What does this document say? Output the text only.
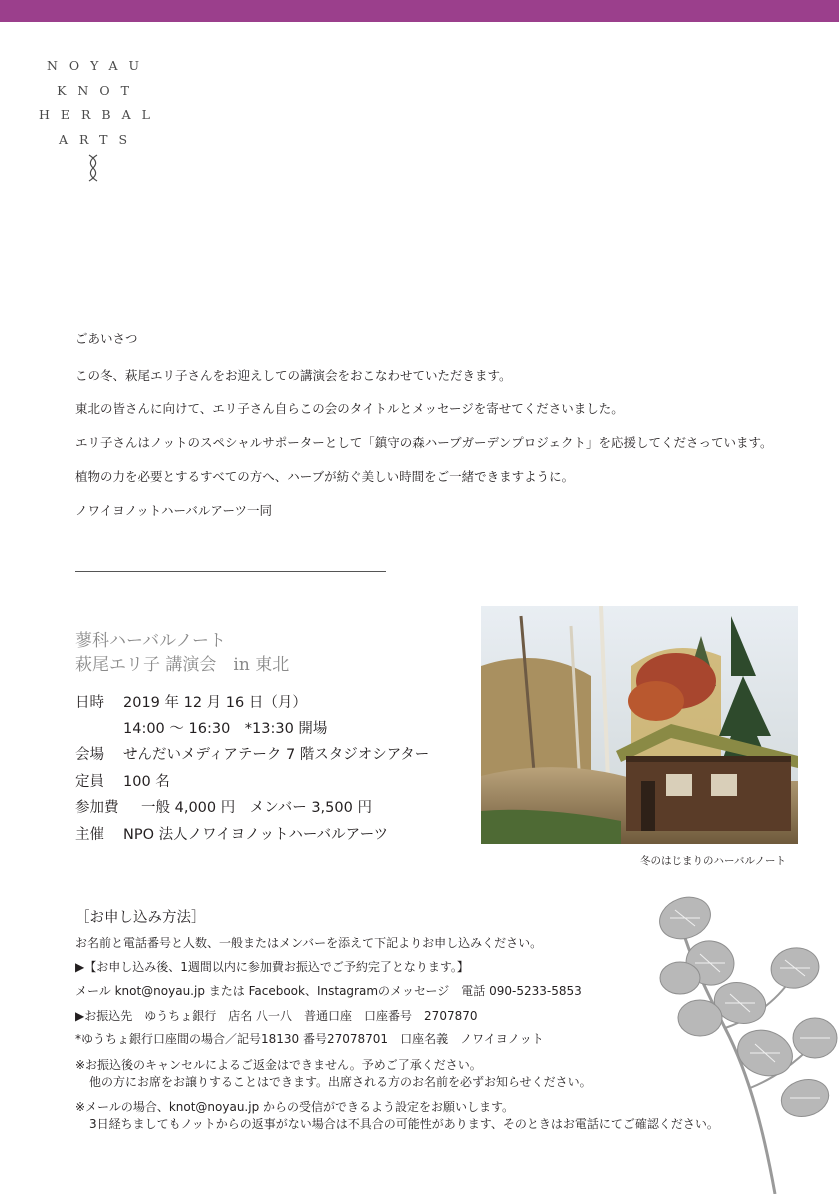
NOYAU
KNOT
HERBAL
ARTS
ごあいさつ
この冬、萩尾エリ子さんをお迎えしての講演会をおこなわせていただきます。
東北の皆さんに向けて、エリ子さん自らこの会のタイトルとメッセージを寄せてくださいました。
エリ子さんはノットのスペシャルサポーターとして「鎮守の森ハーブガーデンプロジェクト」を応援してくださっています。
植物の力を必要とするすべての方へ、ハーブが紡ぐ美しい時間をご一緒できますように。
ノワイヨノットハーバルアーツ一同
蓼科ハーバルノート
萩尾エリ子 講演会　in 東北
日時 2019 年 12 月 16 日（月）
14:00 ～ 16:30　*13:30 開場
会場 せんだいメディアテーク 7 階スタジオシアター
定員 100 名
参加費 一般 4,000 円　メンバー 3,500 円
主催 NPO 法人ノワイヨノットハーバルアーツ
冬のはじまりのハーバルノート
［お申し込み方法］
お名前と電話番号と人数、一般またはメンバーを添えて下記よりお申し込みください。
▶【お申し込み後、1週間以内に参加費お振込でご予約完了となります。】
メール knot@noyau.jp または Facebook、Instagramのメッセージ　電話 090-5233-5853
▶お振込先　ゆうちょ銀行　店名 八一八　普通口座　口座番号　2707870
*ゆうちょ銀行口座間の場合／記号18130 番号27078701　口座名義　ノワイヨノット
※お振込後のキャンセルによるご返金はできません。予めご了承ください。
他の方にお席をお譲りすることはできます。出席される方のお名前を必ずお知らせください。
※メールの場合、knot@noyau.jp からの受信ができるよう設定をお願いします。
3日経ちましてもノットからの返事がない場合は不具合の可能性があります、そのときはお電話にてご確認ください。
